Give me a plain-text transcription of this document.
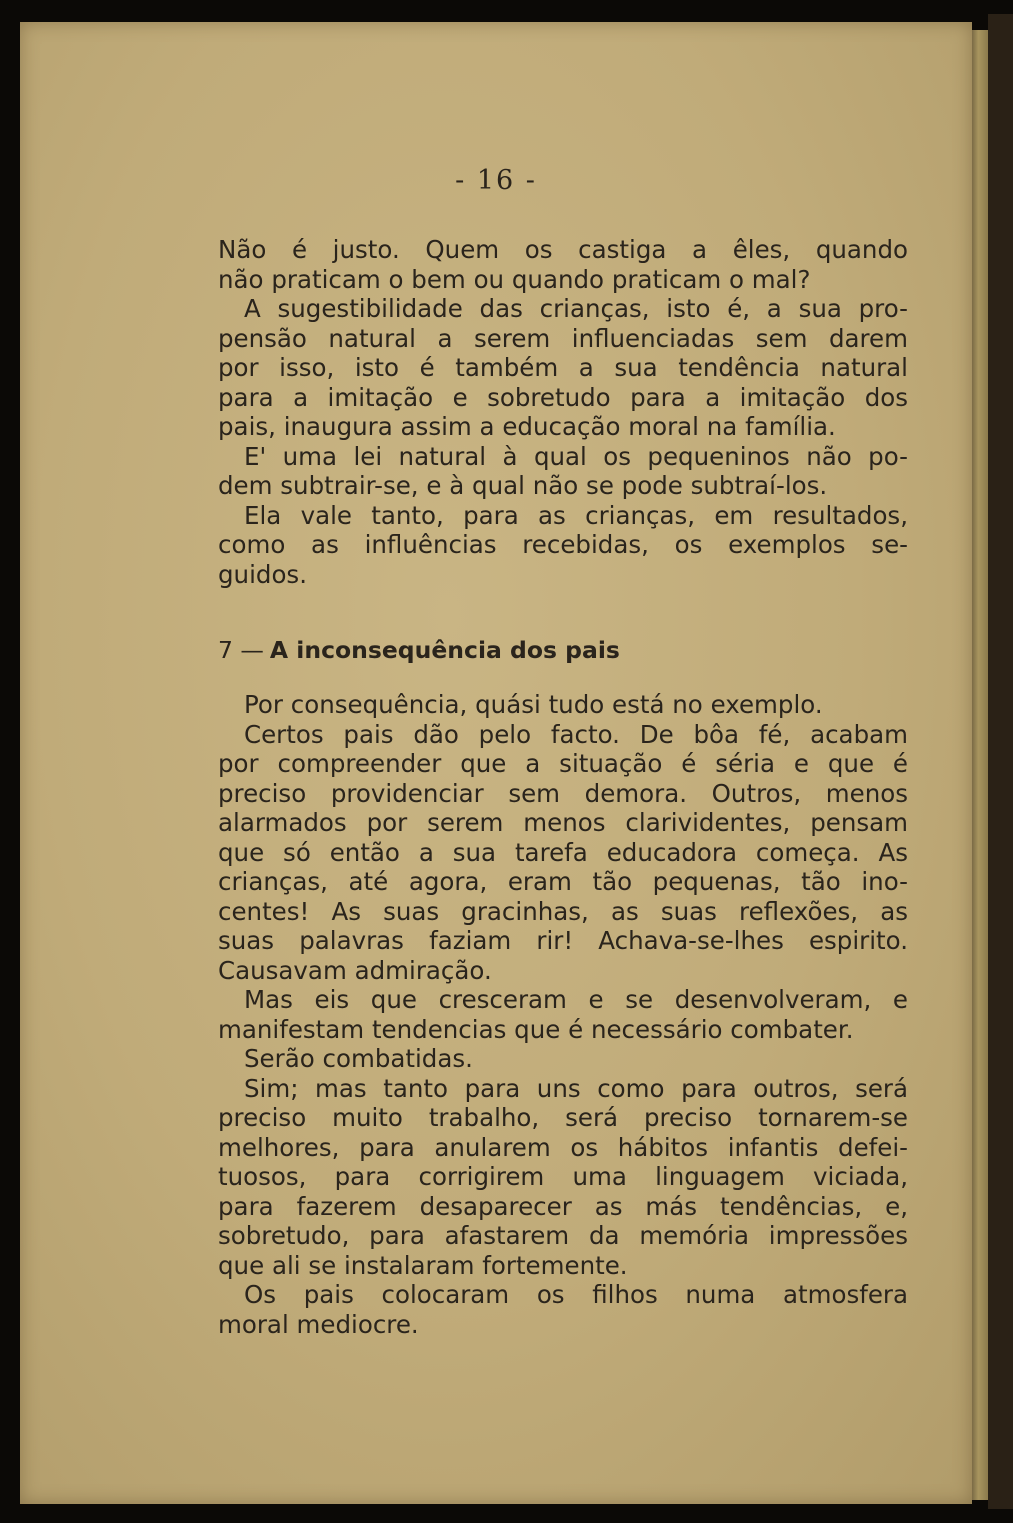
- 16 -
Não é justo. Quem os castiga a êles, quando
não praticam o bem ou quando praticam o mal?
A sugestibilidade das crianças, isto é, a sua pro-
pensão natural a serem influenciadas sem darem
por isso, isto é também a sua tendência natural
para a imitação e sobretudo para a imitação dos
pais, inaugura assim a educação moral na família.
E' uma lei natural à qual os pequeninos não po-
dem subtrair-se, e à qual não se pode subtraí-los.
Ela vale tanto, para as crianças, em resultados,
como as influências recebidas, os exemplos se-
guidos.
7 — A inconsequência dos pais
Por consequência, quási tudo está no exemplo.
Certos pais dão pelo facto. De bôa fé, acabam
por compreender que a situação é séria e que é
preciso providenciar sem demora. Outros, menos
alarmados por serem menos clarividentes, pensam
que só então a sua tarefa educadora começa. As
crianças, até agora, eram tão pequenas, tão ino-
centes! As suas gracinhas, as suas reflexões, as
suas palavras faziam rir! Achava-se-lhes espirito.
Causavam admiração.
Mas eis que cresceram e se desenvolveram, e
manifestam tendencias que é necessário combater.
Serão combatidas.
Sim; mas tanto para uns como para outros, será
preciso muito trabalho, será preciso tornarem-se
melhores, para anularem os hábitos infantis defei-
tuosos, para corrigirem uma linguagem viciada,
para fazerem desaparecer as más tendências, e,
sobretudo, para afastarem da memória impressões
que ali se instalaram fortemente.
Os pais colocaram os filhos numa atmosfera
moral mediocre.
